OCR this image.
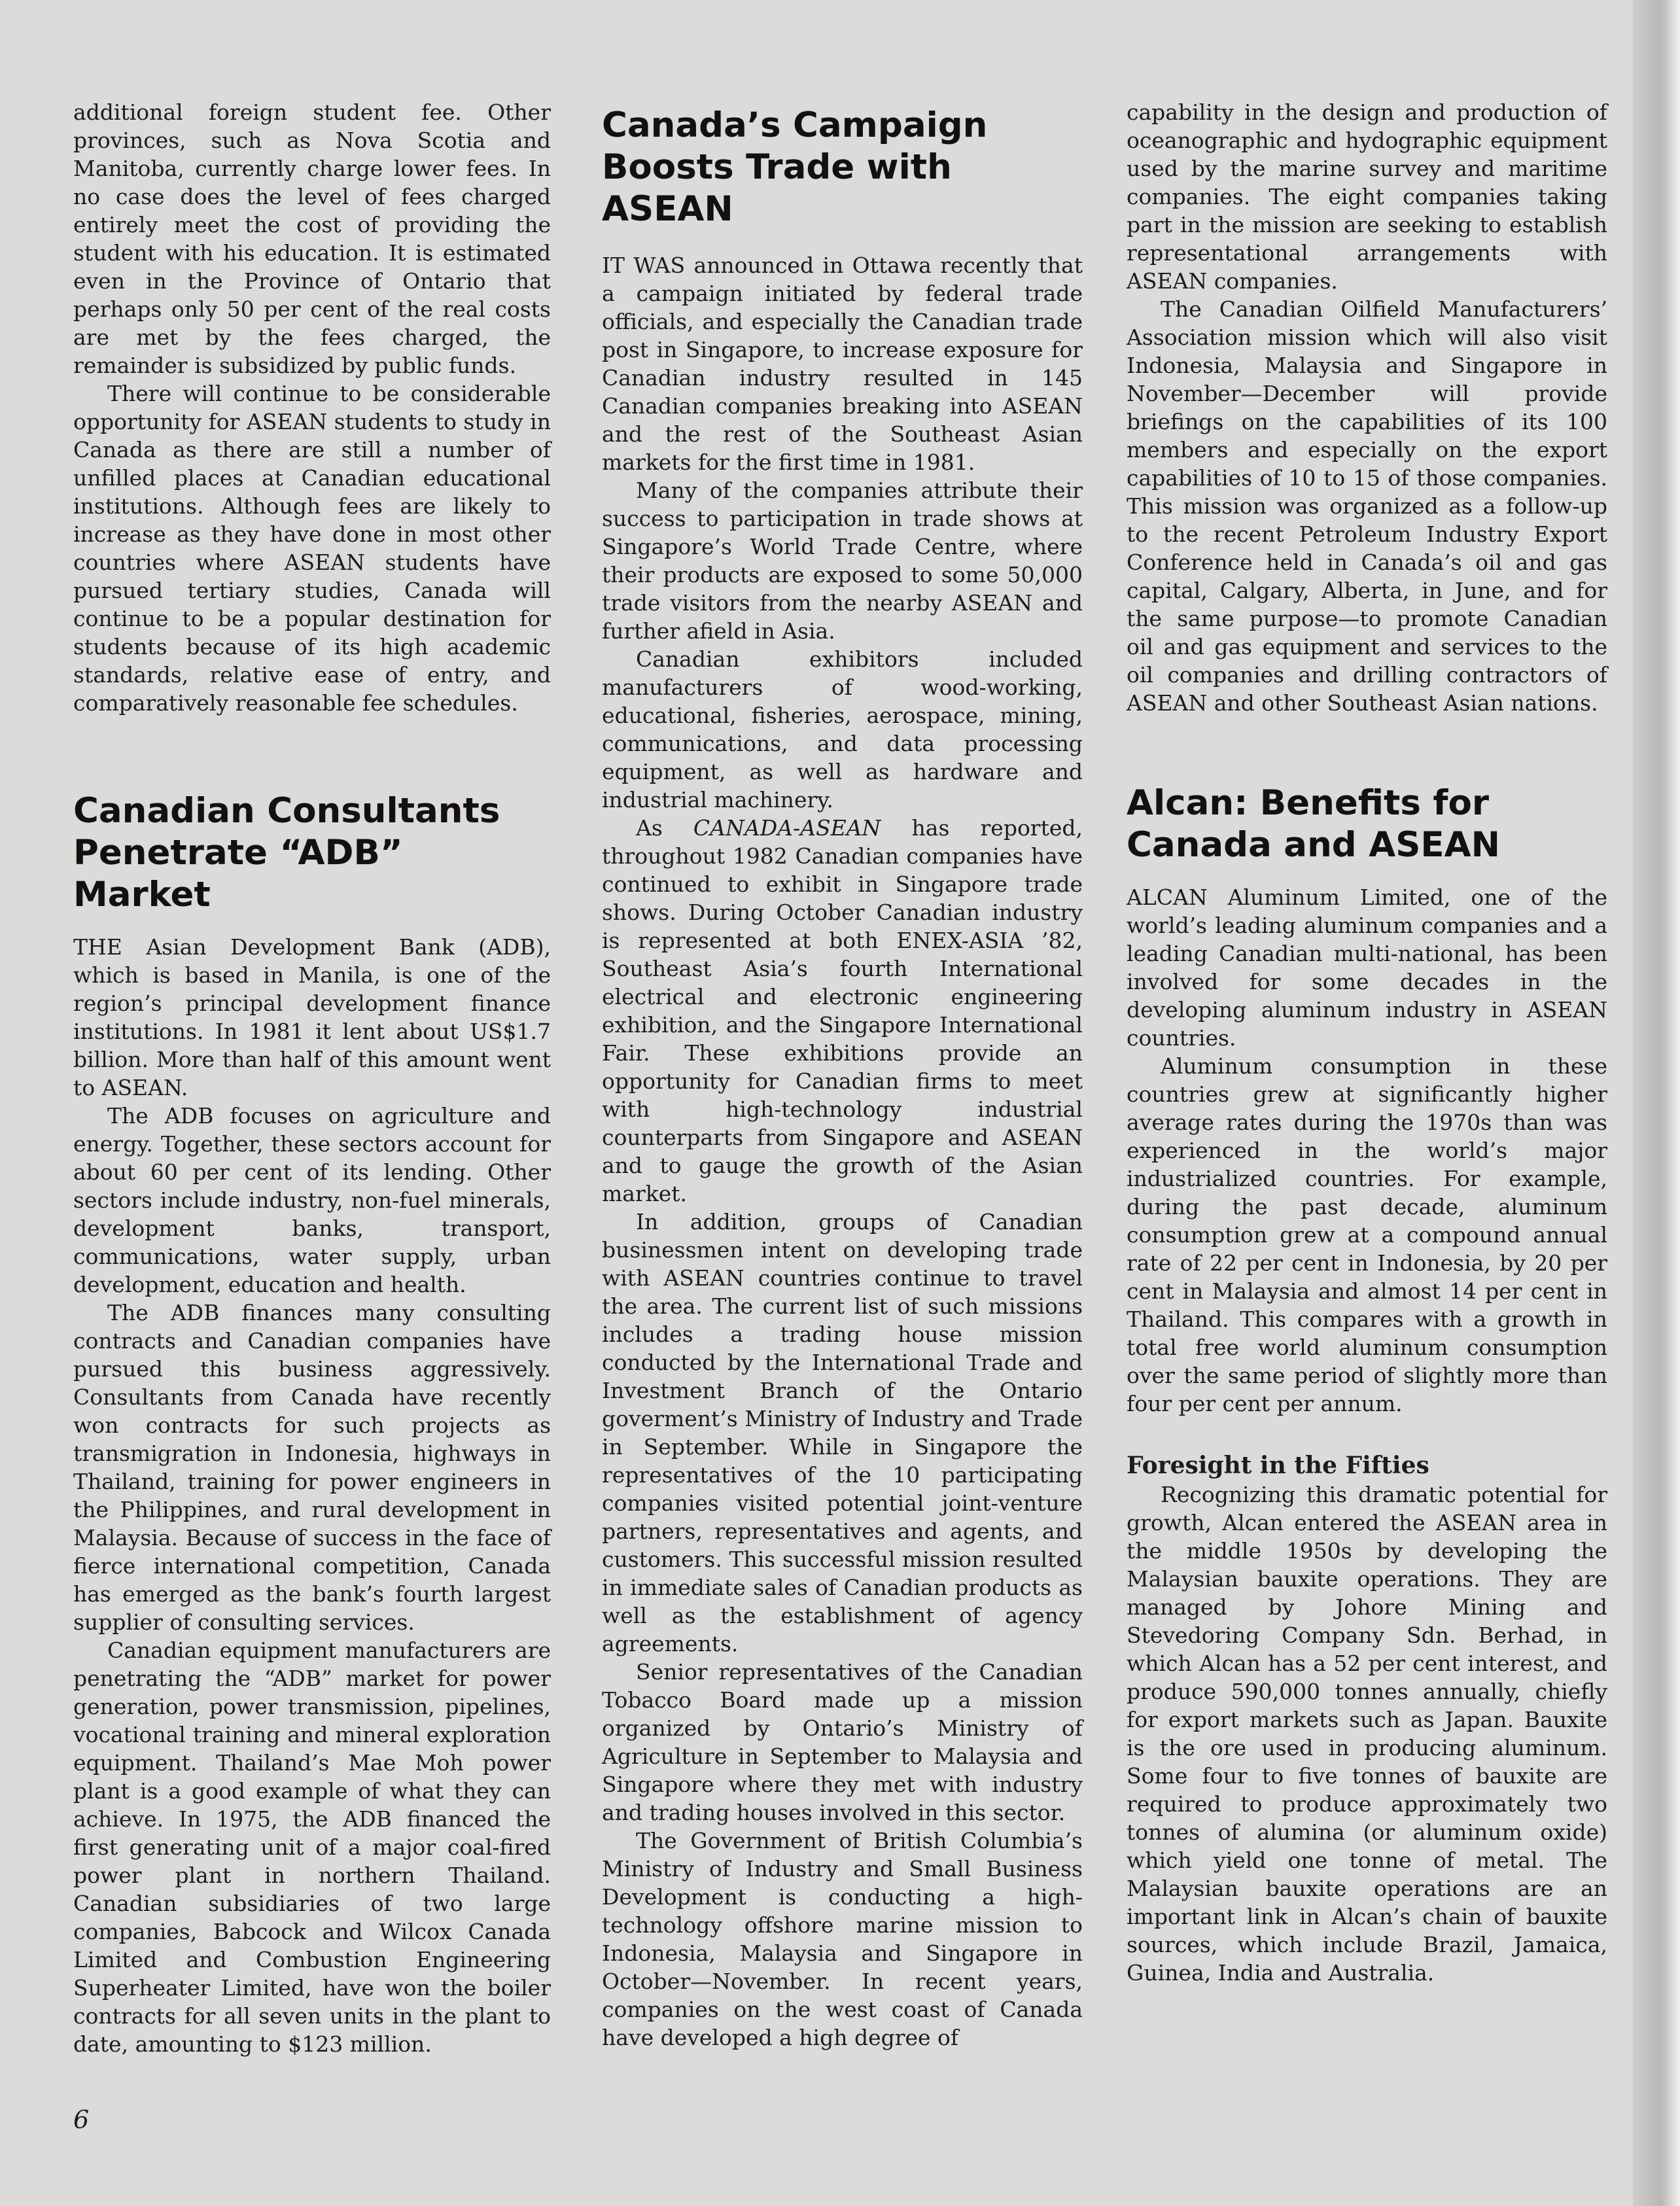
additional foreign student fee. Other provinces, such as Nova Scotia and Manitoba, currently charge lower fees. In no case does the level of fees charged entirely meet the cost of providing the student with his education. It is estimated even in the Province of Ontario that perhaps only 50 per cent of the real costs are met by the fees charged, the remainder is subsidized by public funds.

There will continue to be considerable opportunity for ASEAN students to study in Canada as there are still a number of unfilled places at Canadian educational institutions. Although fees are likely to increase as they have done in most other countries where ASEAN students have pursued tertiary studies, Canada will continue to be a popular destination for students because of its high academic standards, relative ease of entry, and comparatively reasonable fee schedules.

Canadian Consultants Penetrate “ADB” Market

THE Asian Development Bank (ADB), which is based in Manila, is one of the region’s principal development finance institutions. In 1981 it lent about US$1.7 billion. More than half of this amount went to ASEAN.

The ADB focuses on agriculture and energy. Together, these sectors account for about 60 per cent of its lending. Other sectors include industry, non-fuel minerals, development banks, transport, communications, water supply, urban development, education and health.

The ADB finances many consulting contracts and Canadian companies have pursued this business aggressively. Consultants from Canada have recently won contracts for such projects as transmigration in Indonesia, highways in Thailand, training for power engineers in the Philippines, and rural development in Malaysia. Because of success in the face of fierce international competition, Canada has emerged as the bank’s fourth largest supplier of consulting services.

Canadian equipment manufacturers are penetrating the “ADB” market for power generation, power transmission, pipelines, vocational training and mineral exploration equipment. Thailand’s Mae Moh power plant is a good example of what they can achieve. In 1975, the ADB financed the first generating unit of a major coal-fired power plant in northern Thailand. Canadian subsidiaries of two large companies, Babcock and Wilcox Canada Limited and Combustion Engineering Superheater Limited, have won the boiler contracts for all seven units in the plant to date, amounting to $123 million.

Canada’s Campaign Boosts Trade with ASEAN

IT WAS announced in Ottawa recently that a campaign initiated by federal trade officials, and especially the Canadian trade post in Singapore, to increase exposure for Canadian industry resulted in 145 Canadian companies breaking into ASEAN and the rest of the Southeast Asian markets for the first time in 1981.

Many of the companies attribute their success to participation in trade shows at Singapore’s World Trade Centre, where their products are exposed to some 50,000 trade visitors from the nearby ASEAN and further afield in Asia.

Canadian exhibitors included manufacturers of wood-working, educational, fisheries, aerospace, mining, communications, and data processing equipment, as well as hardware and industrial machinery.

As CANADA-ASEAN has reported, throughout 1982 Canadian companies have continued to exhibit in Singapore trade shows. During October Canadian industry is represented at both ENEX-ASIA ’82, Southeast Asia’s fourth International electrical and electronic engineering exhibition, and the Singapore International Fair. These exhibitions provide an opportunity for Canadian firms to meet with high-technology industrial counterparts from Singapore and ASEAN and to gauge the growth of the Asian market.

In addition, groups of Canadian businessmen intent on developing trade with ASEAN countries continue to travel the area. The current list of such missions includes a trading house mission conducted by the International Trade and Investment Branch of the Ontario goverment’s Ministry of Industry and Trade in September. While in Singapore the representatives of the 10 participating companies visited potential joint-venture partners, representatives and agents, and customers. This successful mission resulted in immediate sales of Canadian products as well as the establishment of agency agreements.

Senior representatives of the Canadian Tobacco Board made up a mission organized by Ontario’s Ministry of Agriculture in September to Malaysia and Singapore where they met with industry and trading houses involved in this sector.

The Government of British Columbia’s Ministry of Industry and Small Business Development is conducting a high-technology offshore marine mission to Indonesia, Malaysia and Singapore in October—November. In recent years, companies on the west coast of Canada have developed a high degree of

capability in the design and production of oceanographic and hydographic equipment used by the marine survey and maritime companies. The eight companies taking part in the mission are seeking to establish representational arrangements with ASEAN companies.

The Canadian Oilfield Manufacturers’ Association mission which will also visit Indonesia, Malaysia and Singapore in November—December will provide briefings on the capabilities of its 100 members and especially on the export capabilities of 10 to 15 of those companies. This mission was organized as a follow-up to the recent Petroleum Industry Export Conference held in Canada’s oil and gas capital, Calgary, Alberta, in June, and for the same purpose—to promote Canadian oil and gas equipment and services to the oil companies and drilling contractors of ASEAN and other Southeast Asian nations.

Alcan: Benefits for Canada and ASEAN

ALCAN Aluminum Limited, one of the world’s leading aluminum companies and a leading Canadian multi-national, has been involved for some decades in the developing aluminum industry in ASEAN countries.

Aluminum consumption in these countries grew at significantly higher average rates during the 1970s than was experienced in the world’s major industrialized countries. For example, during the past decade, aluminum consumption grew at a compound annual rate of 22 per cent in Indonesia, by 20 per cent in Malaysia and almost 14 per cent in Thailand. This compares with a growth in total free world aluminum consumption over the same period of slightly more than four per cent per annum.

Foresight in the Fifties

Recognizing this dramatic potential for growth, Alcan entered the ASEAN area in the middle 1950s by developing the Malaysian bauxite operations. They are managed by Johore Mining and Stevedoring Company Sdn. Berhad, in which Alcan has a 52 per cent interest, and produce 590,000 tonnes annually, chiefly for export markets such as Japan. Bauxite is the ore used in producing aluminum. Some four to five tonnes of bauxite are required to produce approximately two tonnes of alumina (or aluminum oxide) which yield one tonne of metal. The Malaysian bauxite operations are an important link in Alcan’s chain of bauxite sources, which include Brazil, Jamaica, Guinea, India and Australia.

6
